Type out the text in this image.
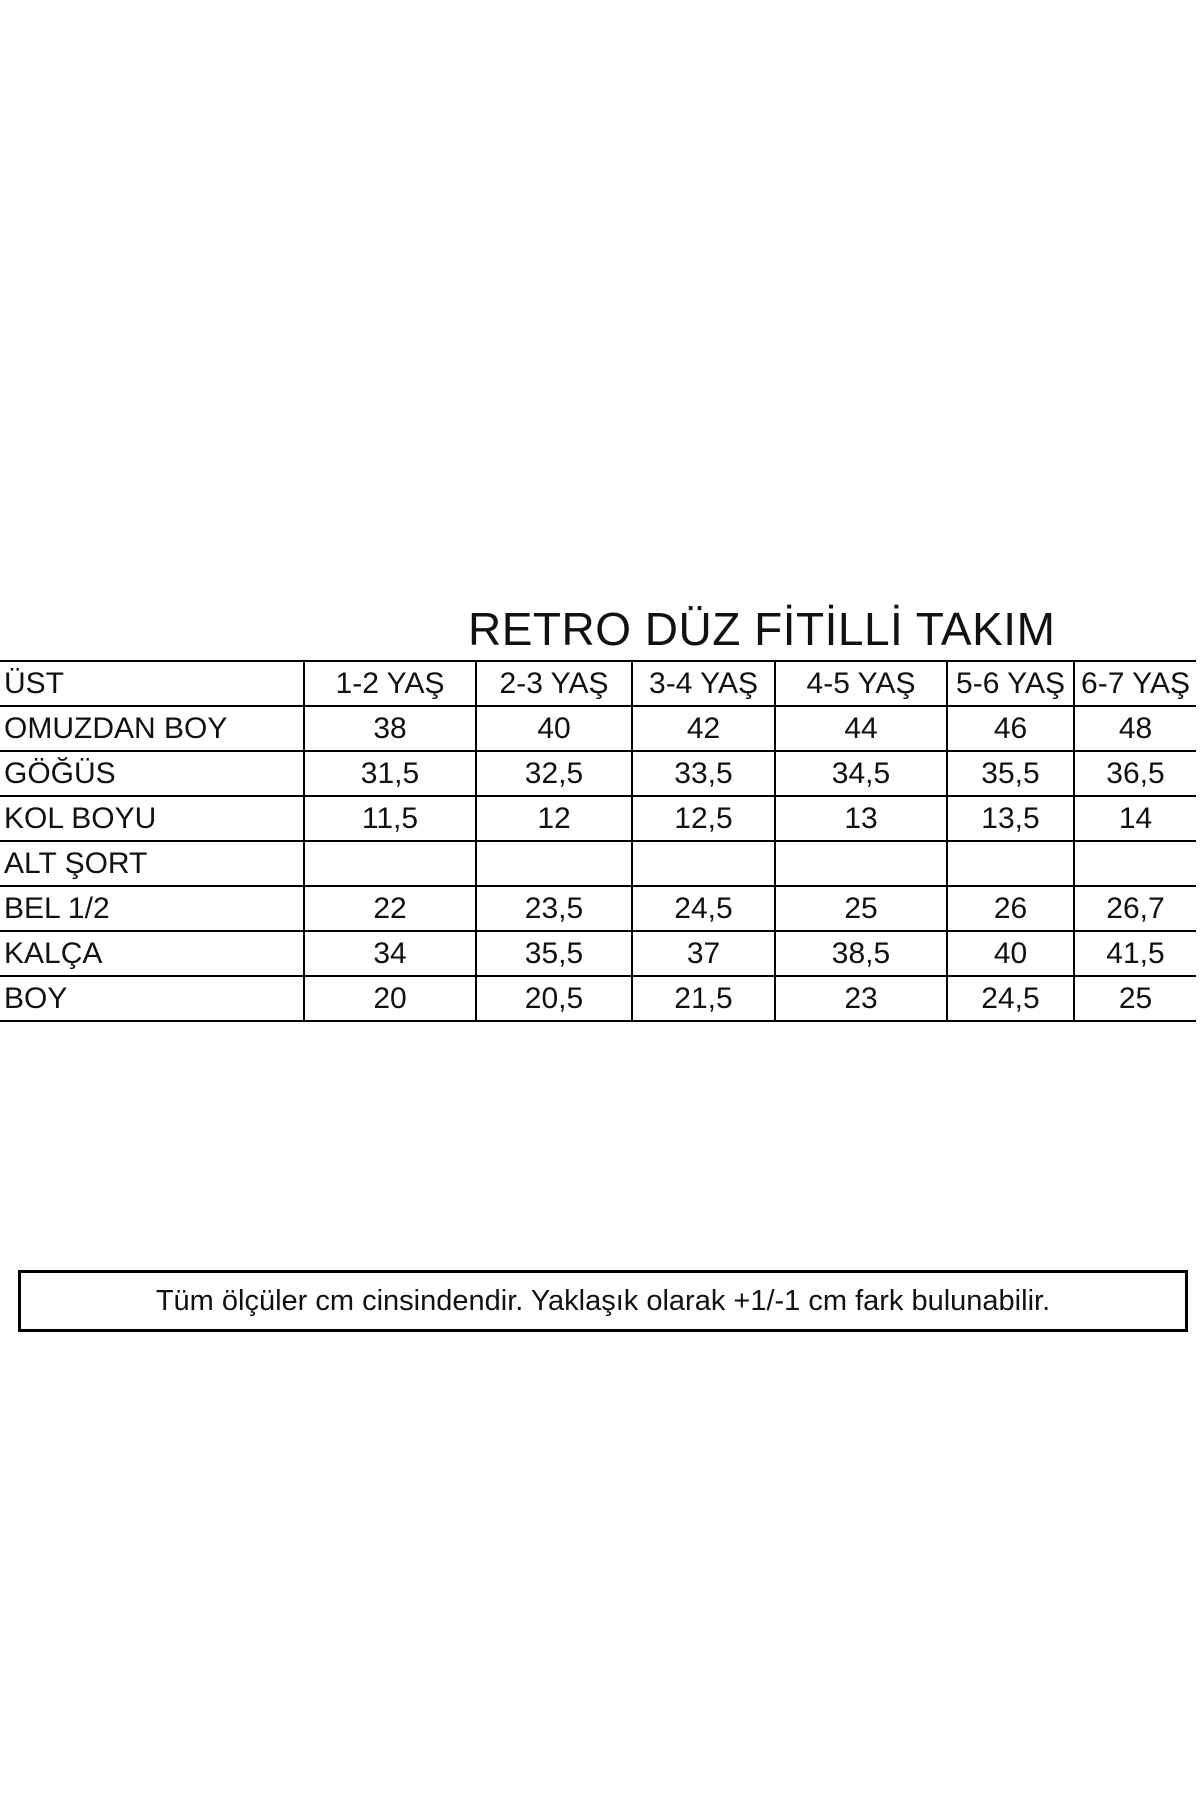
RETRO DÜZ FİTİLLİ TAKIM
ÜST	1-2 YAŞ	2-3 YAŞ	3-4 YAŞ	4-5 YAŞ	5-6 YAŞ	6-7 YAŞ
OMUZDAN BOY	38	40	42	44	46	48
GÖĞÜS	31,5	32,5	33,5	34,5	35,5	36,5
KOL BOYU	11,5	12	12,5	13	13,5	14
ALT ŞORT						
BEL 1/2	22	23,5	24,5	25	26	26,7
KALÇA	34	35,5	37	38,5	40	41,5
BOY	20	20,5	21,5	23	24,5	25
Tüm ölçüler cm cinsindendir. Yaklaşık olarak +1/-1 cm fark bulunabilir.
